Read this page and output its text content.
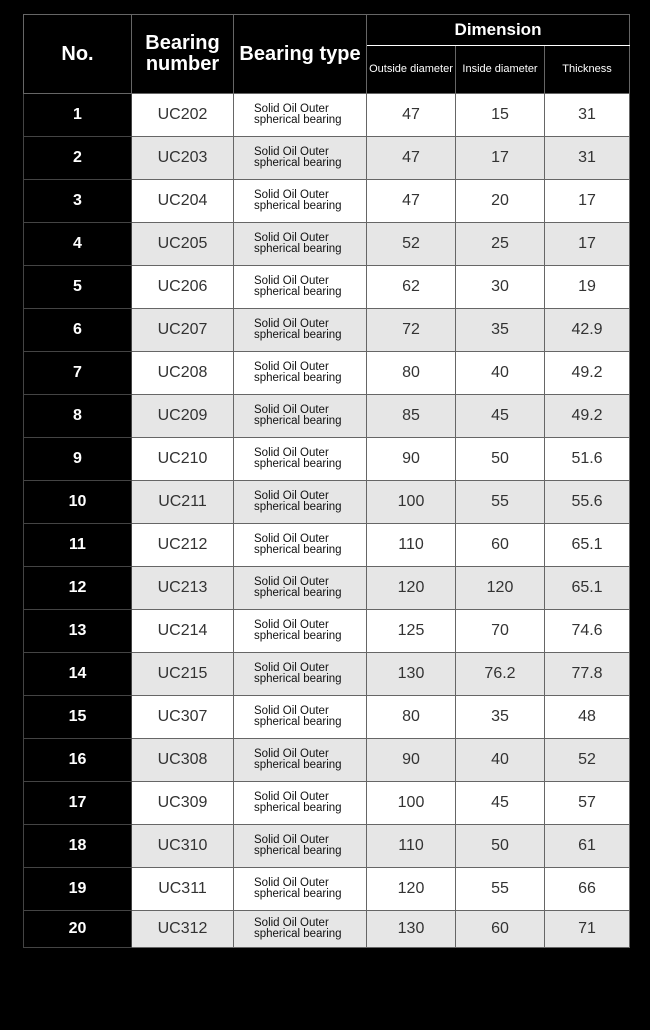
No.	Bearing number	Bearing type	Dimension		
			Outside diameter	Inside diameter	Thickness
1	UC202	Solid Oil Outer spherical bearing	47	15	31
2	UC203	Solid Oil Outer spherical bearing	47	17	31
3	UC204	Solid Oil Outer spherical bearing	47	20	17
4	UC205	Solid Oil Outer spherical bearing	52	25	17
5	UC206	Solid Oil Outer spherical bearing	62	30	19
6	UC207	Solid Oil Outer spherical bearing	72	35	42.9
7	UC208	Solid Oil Outer spherical bearing	80	40	49.2
8	UC209	Solid Oil Outer spherical bearing	85	45	49.2
9	UC210	Solid Oil Outer spherical bearing	90	50	51.6
10	UC211	Solid Oil Outer spherical bearing	100	55	55.6
11	UC212	Solid Oil Outer spherical bearing	110	60	65.1
12	UC213	Solid Oil Outer spherical bearing	120	120	65.1
13	UC214	Solid Oil Outer spherical bearing	125	70	74.6
14	UC215	Solid Oil Outer spherical bearing	130	76.2	77.8
15	UC307	Solid Oil Outer spherical bearing	80	35	48
16	UC308	Solid Oil Outer spherical bearing	90	40	52
17	UC309	Solid Oil Outer spherical bearing	100	45	57
18	UC310	Solid Oil Outer spherical bearing	110	50	61
19	UC311	Solid Oil Outer spherical bearing	120	55	66
20	UC312	Solid Oil Outer spherical bearing	130	60	71
